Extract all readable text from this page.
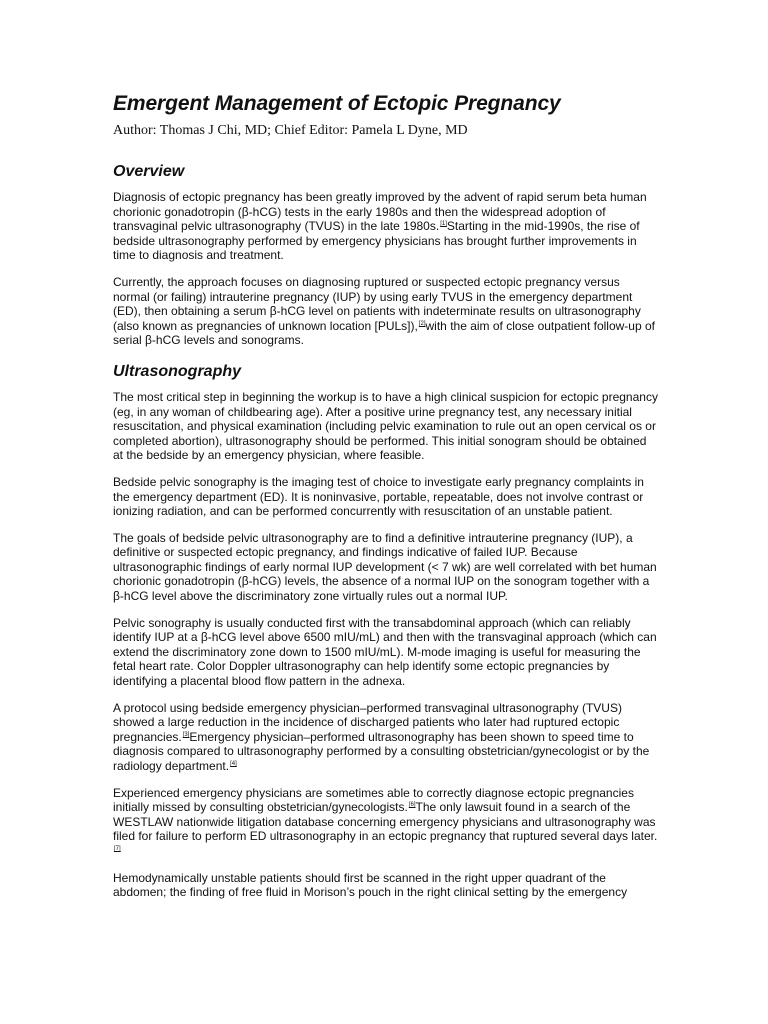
Emergent Management of Ectopic Pregnancy
Author: Thomas J Chi, MD; Chief Editor: Pamela L Dyne, MD
Overview

Diagnosis of ectopic pregnancy has been greatly improved by the advent of rapid serum beta human chorionic gonadotropin (β-hCG) tests in the early 1980s and then the widespread adoption of transvaginal pelvic ultrasonography (TVUS) in the late 1980s.[1]Starting in the mid-1990s, the rise of bedside ultrasonography performed by emergency physicians has brought further improvements in time to diagnosis and treatment.

Currently, the approach focuses on diagnosing ruptured or suspected ectopic pregnancy versus normal (or failing) intrauterine pregnancy (IUP) by using early TVUS in the emergency department (ED), then obtaining a serum β-hCG level on patients with indeterminate results on ultrasonography (also known as pregnancies of unknown location [PULs]),[2]with the aim of close outpatient follow-up of serial β-hCG levels and sonograms.

Ultrasonography

The most critical step in beginning the workup is to have a high clinical suspicion for ectopic pregnancy (eg, in any woman of childbearing age). After a positive urine pregnancy test, any necessary initial resuscitation, and physical examination (including pelvic examination to rule out an open cervical os or completed abortion), ultrasonography should be performed. This initial sonogram should be obtained at the bedside by an emergency physician, where feasible.

Bedside pelvic sonography is the imaging test of choice to investigate early pregnancy complaints in the emergency department (ED). It is noninvasive, portable, repeatable, does not involve contrast or ionizing radiation, and can be performed concurrently with resuscitation of an unstable patient.

The goals of bedside pelvic ultrasonography are to find a definitive intrauterine pregnancy (IUP), a definitive or suspected ectopic pregnancy, and findings indicative of failed IUP. Because ultrasonographic findings of early normal IUP development (< 7 wk) are well correlated with bet human chorionic gonadotropin (β-hCG) levels, the absence of a normal IUP on the sonogram together with a β-hCG level above the discriminatory zone virtually rules out a normal IUP.

Pelvic sonography is usually conducted first with the transabdominal approach (which can reliably identify IUP at a β-hCG level above 6500 mIU/mL) and then with the transvaginal approach (which can extend the discriminatory zone down to 1500 mIU/mL). M-mode imaging is useful for measuring the fetal heart rate. Color Doppler ultrasonography can help identify some ectopic pregnancies by identifying a placental blood flow pattern in the adnexa.

A protocol using bedside emergency physician–performed transvaginal ultrasonography (TVUS) showed a large reduction in the incidence of discharged patients who later had ruptured ectopic pregnancies.[3]Emergency physician–performed ultrasonography has been shown to speed time to diagnosis compared to ultrasonography performed by a consulting obstetrician/gynecologist or by the radiology department.[4]

Experienced emergency physicians are sometimes able to correctly diagnose ectopic pregnancies initially missed by consulting obstetrician/gynecologists.[6]The only lawsuit found in a search of the WESTLAW nationwide litigation database concerning emergency physicians and ultrasonography was filed for failure to perform ED ultrasonography in an ectopic pregnancy that ruptured several days later.[7]

Hemodynamically unstable patients should first be scanned in the right upper quadrant of the abdomen; the finding of free fluid in Morison’s pouch in the right clinical setting by the emergency
